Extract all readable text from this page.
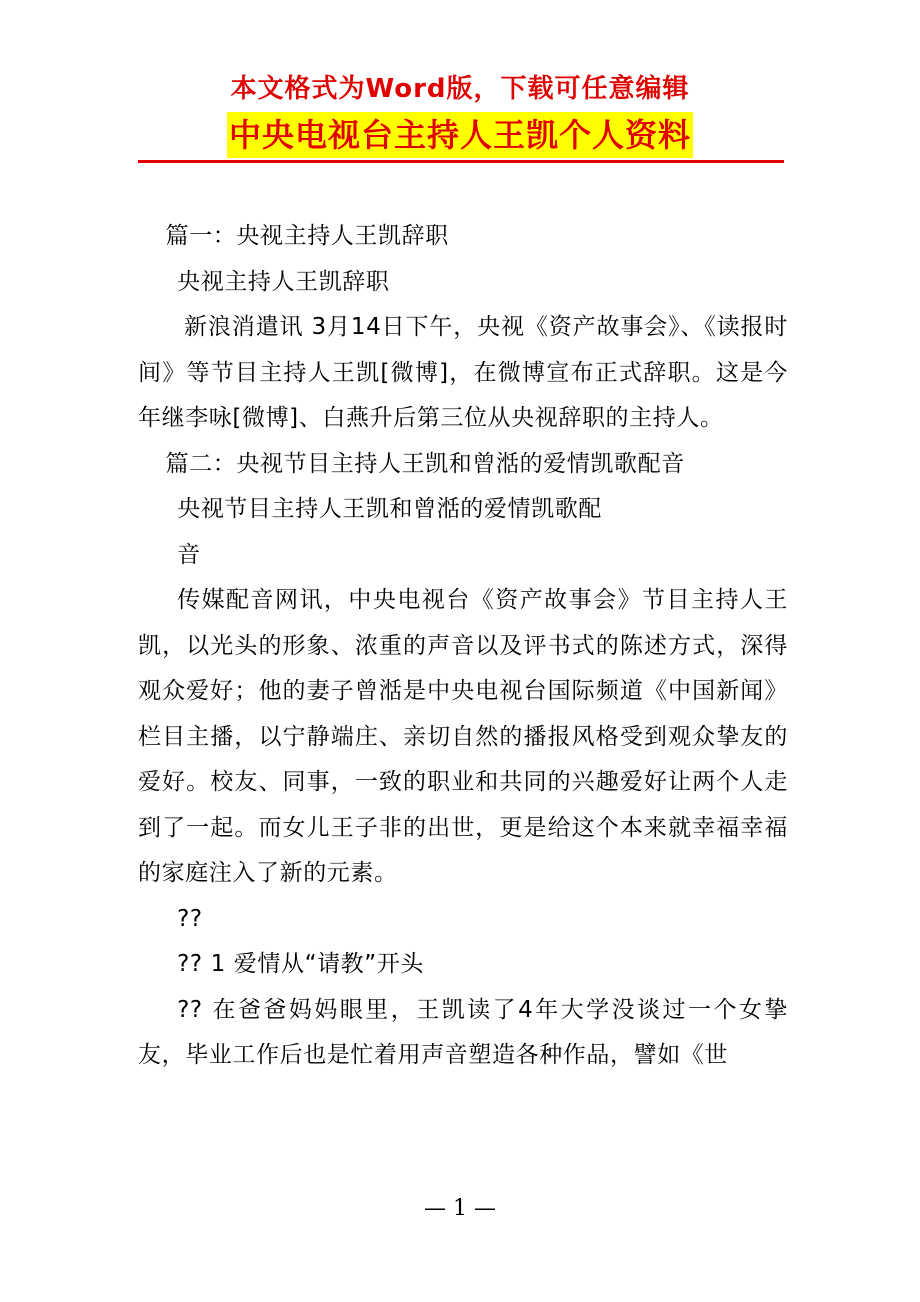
本文格式为Word版，下载可任意编辑
中央电视台主持人王凯个人资料

篇一：央视主持人王凯辞职

央视主持人王凯辞职

新浪消遣讯 3月14日下午，央视《资产故事会》、《读报时间》等节目主持人王凯[微博]，在微博宣布正式辞职。这是今年继李咏[微博]、白燕升后第三位从央视辞职的主持人。

篇二：央视节目主持人王凯和曾湉的爱情凯歌配音

央视节目主持人王凯和曾湉的爱情凯歌配

音

传媒配音网讯，中央电视台《资产故事会》节目主持人王凯，以光头的形象、浓重的声音以及评书式的陈述方式，深得观众爱好；他的妻子曾湉是中央电视台国际频道《中国新闻》栏目主播，以宁静端庄、亲切自然的播报风格受到观众挚友的爱好。校友、同事，一致的职业和共同的兴趣爱好让两个人走到了一起。而女儿王子非的出世，更是给这个本来就幸福幸福的家庭注入了新的元素。

??

?? 1 爱情从“请教”开头

?? 在爸爸妈妈眼里，王凯读了4年大学没谈过一个女挚友，毕业工作后也是忙着用声音塑造各种作品，譬如《世

— 1 —
